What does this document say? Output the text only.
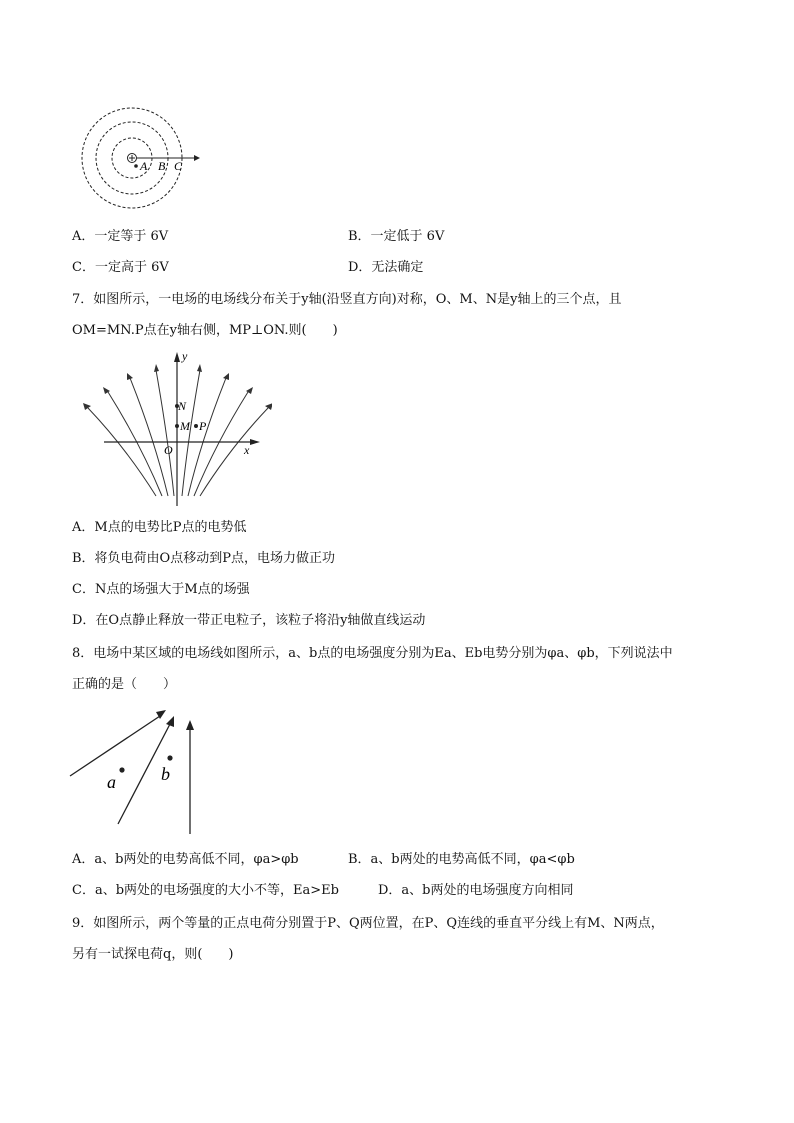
A B C
A．一定等于 6V	B．一定低于 6V
C．一定高于 6V	D．无法确定
7．如图所示，一电场的电场线分布关于y轴(沿竖直方向)对称，O、M、N是y轴上的三个点，且
OM=MN.P点在y轴右侧，MP⊥ON.则(　　)
y
x
O
N
M P
A．M点的电势比P点的电势低
B．将负电荷由O点移动到P点，电场力做正功
C．N点的场强大于M点的场强
D．在O点静止释放一带正电粒子，该粒子将沿y轴做直线运动
8．电场中某区域的电场线如图所示，a、b点的电场强度分别为Ea、Eb电势分别为φa、φb，下列说法中
正确的是（　　）
a	b
A．a、b两处的电势高低不同，φa>φb	B．a、b两处的电势高低不同，φa<φb
C．a、b两处的电场强度的大小不等，Ea>Eb	D．a、b两处的电场强度方向相同
9．如图所示，两个等量的正点电荷分别置于P、Q两位置，在P、Q连线的垂直平分线上有M、N两点，
另有一试探电荷q，则(　　)
